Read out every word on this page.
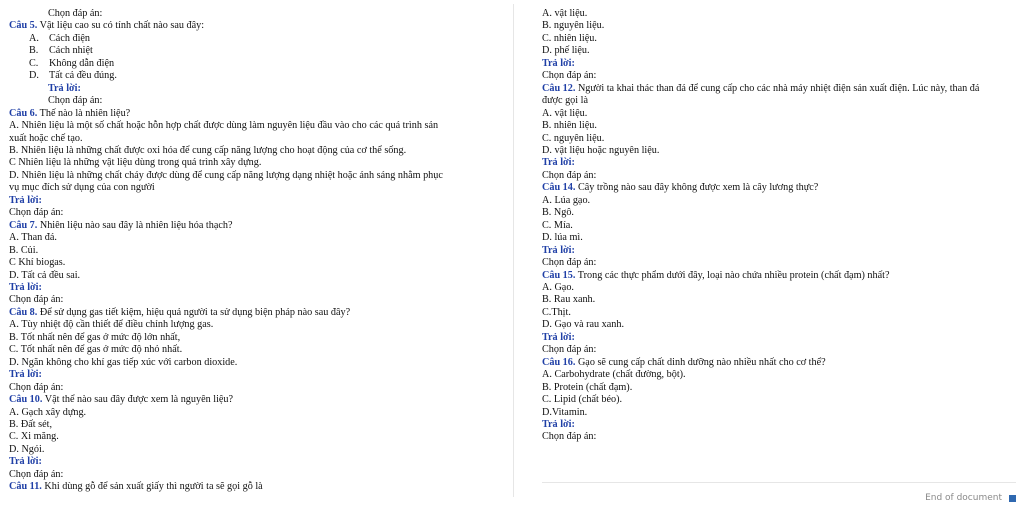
Chọn đáp án:
Câu 5. Vật liệu cao su có tính chất nào sau đây:
A. Cách điện
B. Cách nhiệt
C. Không dẫn điện
D. Tất cả đều đúng.
Trả lời:
Chọn đáp án:
Câu 6. Thế nào là nhiên liệu?
A. Nhiên liệu là một số chất hoặc hỗn hợp chất được dùng làm nguyên liệu đầu vào cho các quá trình sản
xuất hoặc chế tạo.
B. Nhiên liệu là những chất được oxi hóa để cung cấp năng lượng cho hoạt động của cơ thể sống.
C Nhiên liệu là những vật liệu dùng trong quá trình xây dựng.
D. Nhiên liệu là những chất cháy được dùng để cung cấp năng lượng dạng nhiệt hoặc ánh sáng nhằm phục
vụ mục đích sử dụng của con người
Trả lời:
Chọn đáp án:
Câu 7. Nhiên liệu nào sau đây là nhiên liệu hóa thạch?
A. Than đá.
B. Củi.
C Khí biogas.
D. Tất cả đều sai.
Trả lời:
Chọn đáp án:
Câu 8. Để sử dụng gas tiết kiệm, hiệu quả người ta sử dụng biện pháp nào sau đây?
A. Tùy nhiệt độ cần thiết để điều chỉnh lượng gas.
B. Tốt nhất nên để gas ở mức độ lớn nhất,
C. Tốt nhất nên để gas ở mức độ nhỏ nhất.
D. Ngăn không cho khí gas tiếp xúc với carbon dioxide.
Trả lời:
Chọn đáp án:
Câu 10. Vật thể nào sau đây được xem là nguyên liệu?
A. Gạch xây dựng.
B. Đất sét,
C. Xi măng.
D. Ngói.
Trả lời:
Chọn đáp án:
Câu 11. Khi dùng gỗ để sản xuất giấy thì người ta sẽ gọi gỗ là
A. vật liệu.
B. nguyên liệu.
C. nhiên liệu.
D. phế liệu.
Trả lời:
Chọn đáp án:
Câu 12. Người ta khai thác than đá để cung cấp cho các nhà máy nhiệt điện sản xuất điện. Lúc này, than đá
được gọi là
A. vật liệu.
B. nhiên liệu.
C. nguyên liệu.
D. vật liệu hoặc nguyên liệu.
Trả lời:
Chọn đáp án:
Câu 14. Cây trồng nào sau đây không được xem là cây lương thực?
A. Lúa gạo.
B. Ngô.
C. Mía.
D. lúa mì.
Trả lời:
Chọn đáp án:
Câu 15. Trong các thực phẩm dưới đây, loại nào chứa nhiều protein (chất đạm) nhất?
A. Gạo.
B. Rau xanh.
C.Thịt.
D. Gạo và rau xanh.
Trả lời:
Chọn đáp án:
Câu 16. Gạo sẽ cung cấp chất dinh dưỡng nào nhiều nhất cho cơ thể?
A. Carbohydrate (chất đường, bột).
B. Protein (chất đạm).
C. Lipid (chất béo).
D.Vitamin.
Trả lời:
Chọn đáp án:
End of document
